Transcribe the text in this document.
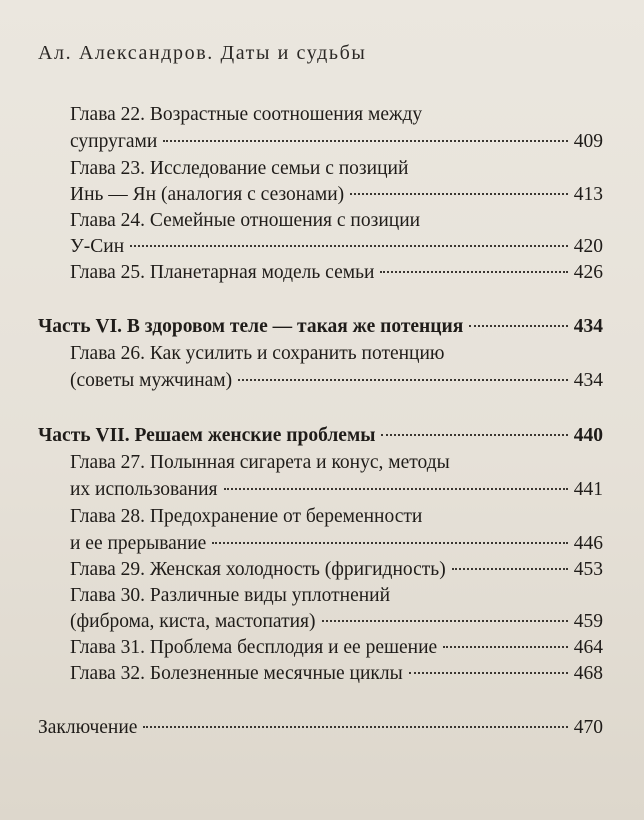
Ал. Александров. Даты и судьбы
Глава 22. Возрастные соотношения между
супругами	409
Глава 23. Исследование семьи с позиций
Инь — Ян (аналогия с сезонами)	413
Глава 24. Семейные отношения с позиции
У-Син	420
Глава 25. Планетарная модель семьи	426
Часть VI. В здоровом теле — такая же потенция	434
Глава 26. Как усилить и сохранить потенцию
(советы мужчинам)	434
Часть VII. Решаем женские проблемы	440
Глава 27. Полынная сигарета и конус, методы
их использования	441
Глава 28. Предохранение от беременности
и ее прерывание	446
Глава 29. Женская холодность (фригидность)	453
Глава 30. Различные виды уплотнений
(фиброма, киста, мастопатия)	459
Глава 31. Проблема бесплодия и ее решение	464
Глава 32. Болезненные месячные циклы	468
Заключение	470
